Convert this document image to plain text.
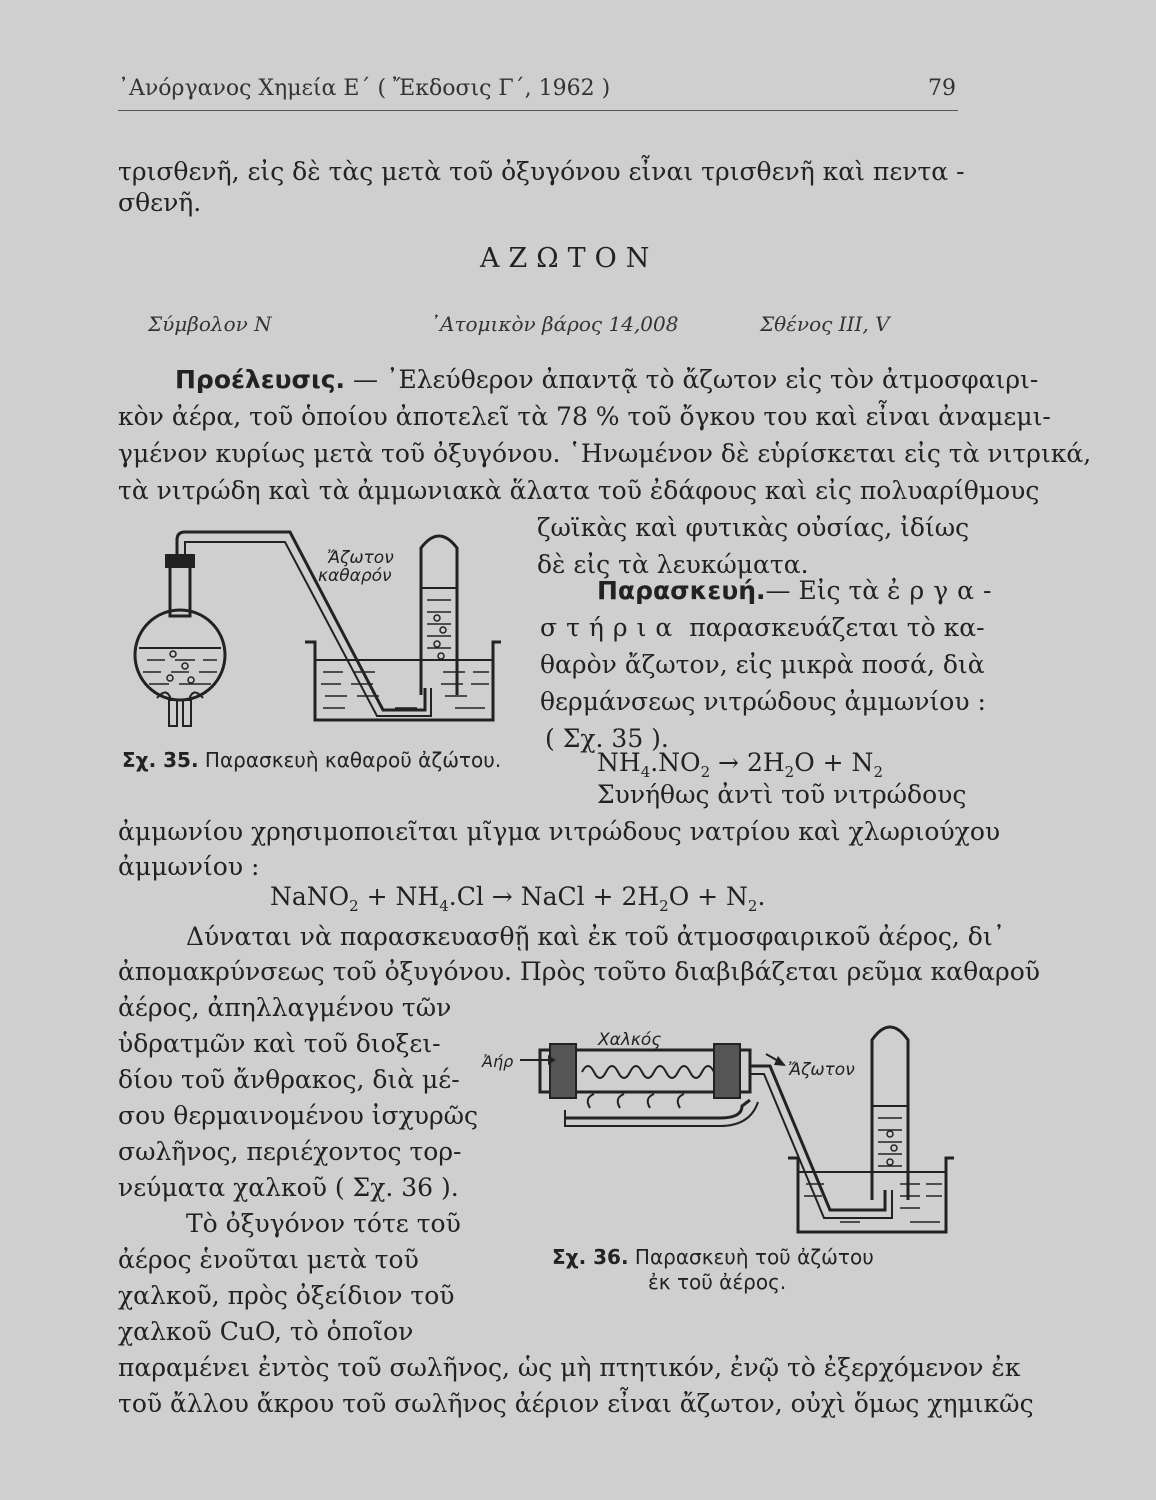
᾿Ανόργανος Χημεία Ε´ ( Ἔκδοσις Γ´, 1962 )	79
τρισθενῆ, εἰς δὲ τὰς μετὰ τοῦ ὀξυγόνου εἶναι τρισθενῆ καὶ πεντα -
σθενῆ.
ΑΖΩΤΟΝ
Σύμβολον N	᾿Ατομικὸν βάρος 14,008	Σθένος III, V
Προέλευσις. — ᾿Ελεύθερον ἀπαντᾷ τὸ ἄζωτον εἰς τὸν ἀτμοσφαιρι-
κὸν ἀέρα, τοῦ ὁποίου ἀποτελεῖ τὰ 78 % τοῦ ὄγκου του καὶ εἶναι ἀναμεμι-
γμένον κυρίως μετὰ τοῦ ὀξυγόνου. ῾Ηνωμένον δὲ εὑρίσκεται εἰς τὰ νιτρικά,
τὰ νιτρώδη καὶ τὰ ἀμμωνιακὰ ἅλατα τοῦ ἐδάφους καὶ εἰς πολυαρίθμους
ζωϊκὰς καὶ φυτικὰς οὐσίας, ἰδίως
δὲ εἰς τὰ λευκώματα.
Ἄζωτον
καθαρόν
Σχ. 35. Παρασκευὴ καθαροῦ ἀζώτου.
Παρασκευή.— Εἰς τὰ ἐργα-
στήρια παρασκευάζεται τὸ κα-
θαρὸν ἄζωτον, εἰς μικρὰ ποσά, διὰ
θερμάνσεως νιτρώδους ἀμμωνίου :
( Σχ. 35 ).
$NH_4.NO_2 \to 2H_2O + N_2$
Συνήθως ἀντὶ τοῦ νιτρώδους
ἀμμωνίου χρησιμοποιεῖται μῖγμα νιτρώδους νατρίου καὶ χλωριούχου
ἀμμωνίου :
NaNO$_2$ + $NH_4.Cl$ → NaCl + $2H_2O + N_2$.
Δύναται νὰ παρασκευασθῇ καὶ ἐκ τοῦ ἀτμοσφαιρικοῦ ἀέρος, δι᾿
ἀπομακρύνσεως τοῦ ὀξυγόνου. Πρὸς τοῦτο διαβιβάζεται ρεῦμα καθαροῦ
ἀέρος, ἀπηλλαγμένου τῶν
ὑδρατμῶν καὶ τοῦ διοξει-
δίου τοῦ ἄνθρακος, διὰ μέ-
σου θερμαινομένου ἰσχυρῶς
σωλῆνος, περιέχοντος τορ-
νεύματα χαλκοῦ ( Σχ. 36 ).
Τὸ ὀξυγόνον τότε τοῦ
ἀέρος ἑνοῦται μετὰ τοῦ
χαλκοῦ, πρὸς ὀξείδιον τοῦ
χαλκοῦ CuO, τὸ ὁποῖον
Χαλκός
Ἀήρ	Ἄζωτον
Σχ. 36. Παρασκευὴ τοῦ ἀζώτου
ἐκ τοῦ ἀέρος.
παραμένει ἐντὸς τοῦ σωλῆνος, ὡς μὴ πτητικόν, ἐνῷ τὸ ἐξερχόμενον ἐκ
τοῦ ἄλλου ἄκρου τοῦ σωλῆνος ἀέριον εἶναι ἄζωτον, οὐχὶ ὅμως χημικῶς
